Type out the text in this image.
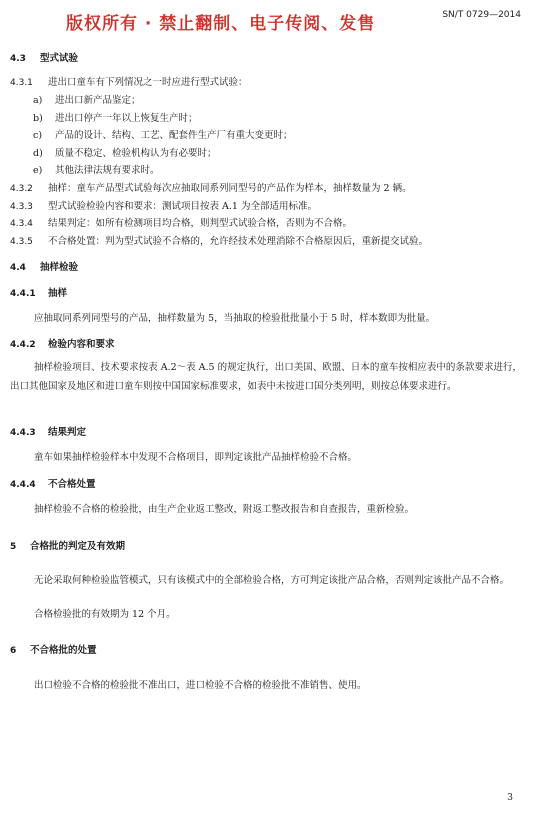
版权所有 · 禁止翻制、电子传阅、发售	SN/T 0729—2014
4.3 型式试验
4.3.1 进出口童车有下列情况之一时应进行型式试验：
a) 进出口新产品鉴定；
b) 进出口停产一年以上恢复生产时；
c) 产品的设计、结构、工艺、配套件生产厂有重大变更时；
d) 质量不稳定、检验机构认为有必要时；
e) 其他法律法规有要求时。
4.3.2 抽样：童车产品型式试验每次应抽取同系列同型号的产品作为样本，抽样数量为 2 辆。
4.3.3 型式试验检验内容和要求：测试项目按表 A.1 为全部适用标准。
4.3.4 结果判定：如所有检测项目均合格，则判型式试验合格，否则为不合格。
4.3.5 不合格处置：判为型式试验不合格的，允许经技术处理消除不合格原因后，重新提交试验。
4.4 抽样检验
4.4.1 抽样
应抽取同系列同型号的产品，抽样数量为 5，当抽取的检验批批量小于 5 时，样本数即为批量。
4.4.2 检验内容和要求
抽样检验项目、技术要求按表 A.2～表 A.5 的规定执行，出口美国、欧盟、日本的童车按相应表中的条款要求进行，出口其他国家及地区和进口童车则按中国国家标准要求，如表中未按进口国分类列明，则按总体要求进行。
4.4.3 结果判定
童车如果抽样检验样本中发现不合格项目，即判定该批产品抽样检验不合格。
4.4.4 不合格处置
抽样检验不合格的检验批，由生产企业返工整改，附返工整改报告和自查报告，重新检验。
5 合格批的判定及有效期
无论采取何种检验监管模式，只有该模式中的全部检验合格，方可判定该批产品合格，否则判定该批产品不合格。
合格检验批的有效期为 12 个月。
6 不合格批的处置
出口检验不合格的检验批不准出口，进口检验不合格的检验批不准销售、使用。
3
